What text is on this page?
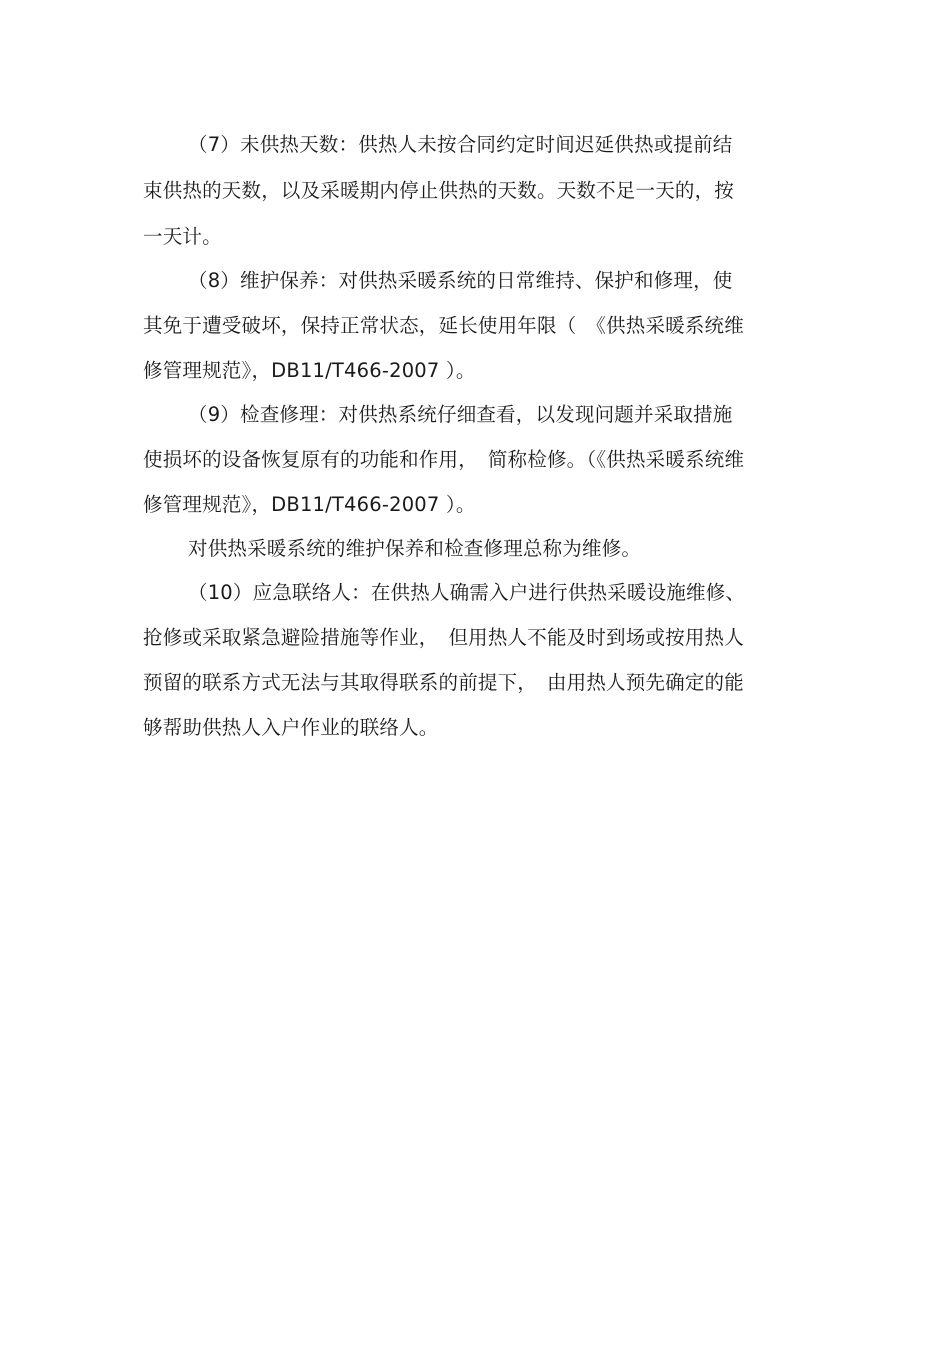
（7）未供热天数：供热人未按合同约定时间迟延供热或提前结
束供热的天数，以及采暖期内停止供热的天数。天数不足一天的，按
一天计。
（8）维护保养：对供热采暖系统的日常维持、保护和修理，使
其免于遭受破坏，保持正常状态，延长使用年限（　《供热采暖系统维
修管理规范》，DB11/T466-2007 ）。
（9）检查修理：对供热系统仔细查看，以发现问题并采取措施
使损坏的设备恢复原有的功能和作用，　简称检修。（《供热采暖系统维
修管理规范》，DB11/T466-2007 ）。
对供热采暖系统的维护保养和检查修理总称为维修。
（10）应急联络人：在供热人确需入户进行供热采暖设施维修、
抢修或采取紧急避险措施等作业，　但用热人不能及时到场或按用热人
预留的联系方式无法与其取得联系的前提下，　由用热人预先确定的能
够帮助供热人入户作业的联络人。
